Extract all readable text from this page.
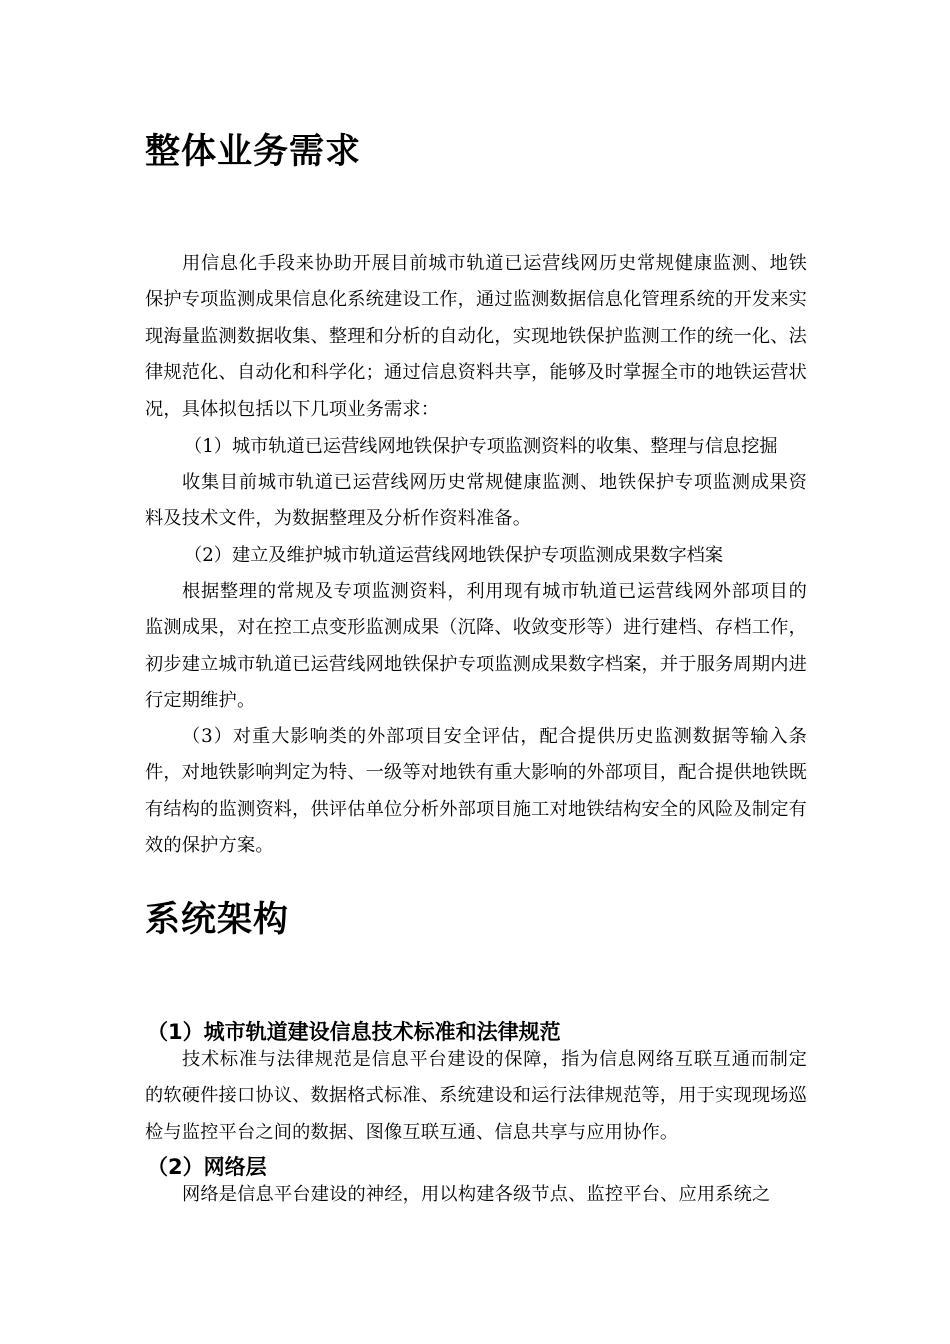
整体业务需求

用信息化手段来协助开展目前城市轨道已运营线网历史常规健康监测、地铁保护专项监测成果信息化系统建设工作，通过监测数据信息化管理系统的开发来实现海量监测数据收集、整理和分析的自动化，实现地铁保护监测工作的统一化、法律规范化、自动化和科学化；通过信息资料共享，能够及时掌握全市的地铁运营状况，具体拟包括以下几项业务需求：

（1）城市轨道已运营线网地铁保护专项监测资料的收集、整理与信息挖掘

收集目前城市轨道已运营线网历史常规健康监测、地铁保护专项监测成果资料及技术文件，为数据整理及分析作资料准备。

（2）建立及维护城市轨道运营线网地铁保护专项监测成果数字档案

根据整理的常规及专项监测资料，利用现有城市轨道已运营线网外部项目的监测成果，对在控工点变形监测成果（沉降、收敛变形等）进行建档、存档工作，初步建立城市轨道已运营线网地铁保护专项监测成果数字档案，并于服务周期内进行定期维护。

（3）对重大影响类的外部项目安全评估，配合提供历史监测数据等输入条件，对地铁影响判定为特、一级等对地铁有重大影响的外部项目，配合提供地铁既有结构的监测资料，供评估单位分析外部项目施工对地铁结构安全的风险及制定有效的保护方案。

系统架构
（1）城市轨道建设信息技术标准和法律规范

技术标准与法律规范是信息平台建设的保障，指为信息网络互联互通而制定的软硬件接口协议、数据格式标准、系统建设和运行法律规范等，用于实现现场巡检与监控平台之间的数据、图像互联互通、信息共享与应用协作。

（2）网络层

网络是信息平台建设的神经，用以构建各级节点、监控平台、应用系统之
